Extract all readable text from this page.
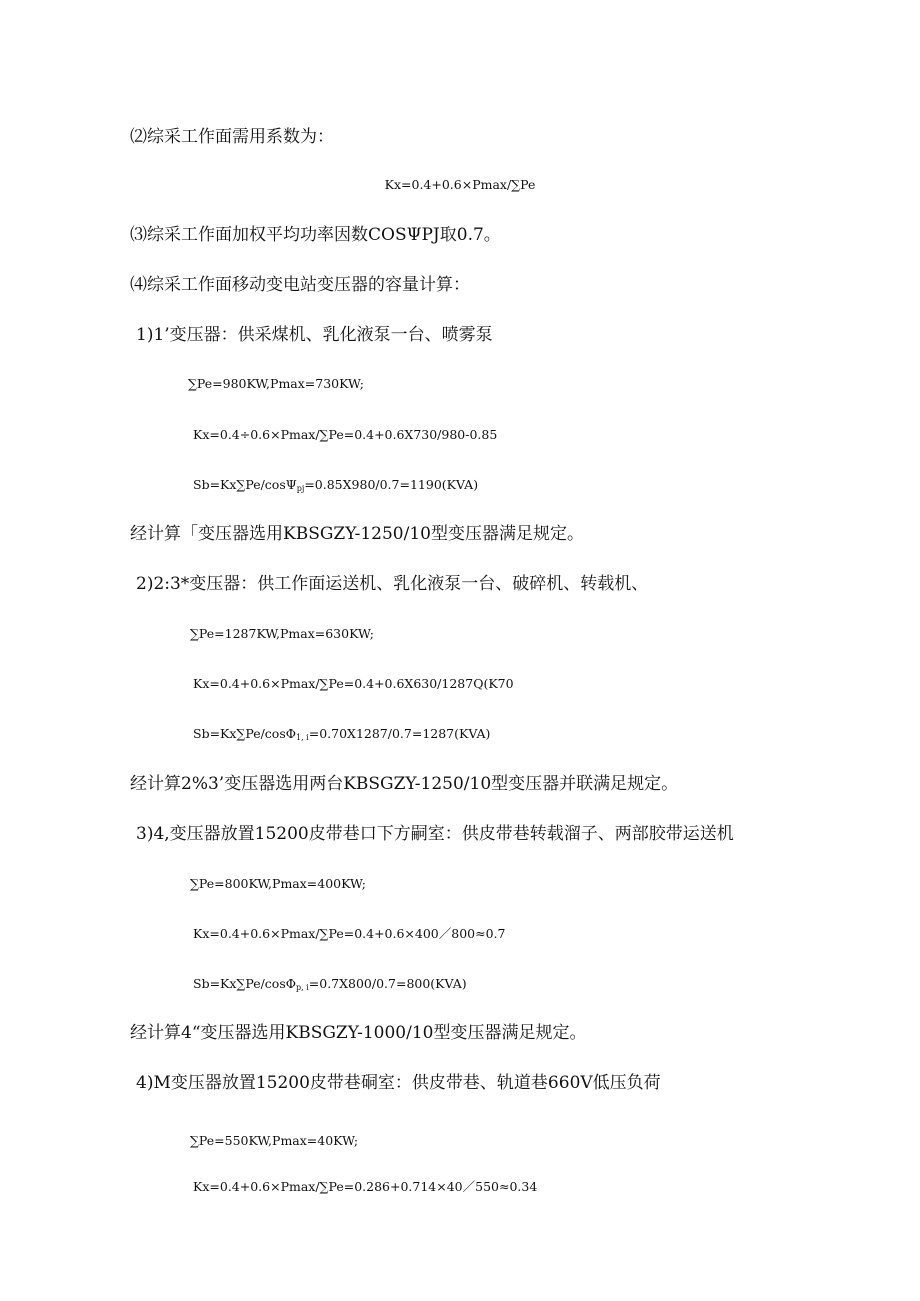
⑵综采工作面需用系数为：
Kx=0.4+0.6×Pmax/∑Pe
⑶综采工作面加权平均功率因数COSΨPJ取0.7。
⑷综采工作面移动变电站变压器的容量计算：
1)1’变压器：供采煤机、乳化液泵一台、喷雾泵
∑Pe=980KW,Pmax=730KW;
Kx=0.4÷0.6×Pmax/∑Pe=0.4+0.6X730/980-0.85
Sb=Kx∑Pe/cosΨ$_{pj}$=0.85X980/0.7=1190(KVA)
经计算「变压器选用KBSGZY-1250/10型变压器满足规定。
2)2:3*变压器：供工作面运送机、乳化液泵一台、破碎机、转载机、
∑Pe=1287KW,Pmax=630KW;
Kx=0.4+0.6×Pmax/∑Pe=0.4+0.6X630/1287Q(K70
Sb=Kx∑Pe/cosΦ$_{1, i}$=0.70X1287/0.7=1287(KVA)
经计算2%3’变压器选用两台KBSGZY-1250/10型变压器并联满足规定。
3)4,变压器放置15200皮带巷口下方嗣室：供皮带巷转载溜子、两部胶带运送机
∑Pe=800KW,Pmax=400KW;
Kx=0.4+0.6×Pmax/∑Pe=0.4+0.6×400／800≈0.7
Sb=Kx∑Pe/cosΦ$_{p, i}$=0.7X800/0.7=800(KVA)
经计算4“变压器选用KBSGZY-1000/10型变压器满足规定。
4)M变压器放置15200皮带巷硐室：供皮带巷、轨道巷660V低压负荷
∑Pe=550KW,Pmax=40KW;
Kx=0.4+0.6×Pmax/∑Pe=0.286+0.714×40／550≈0.34
